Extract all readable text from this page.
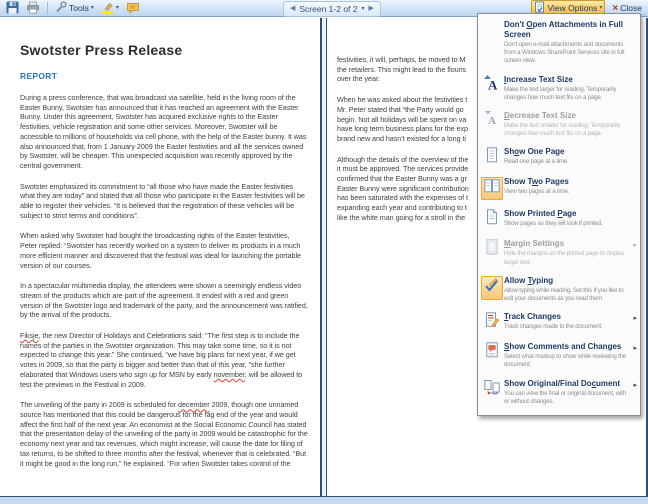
Tools ▾	▾	◀ Screen 1-2 of 2 ▾ ▶	View Options ▾ × Close
Swotster Press Release
REPORT

During a press conference, that was broadcast via satellite, held in the living room of the Easter Bunny, Swotster has announced that it has reached an agreement with the Easter Bunny. Under this agreement, Swotster has acquired exclusive rights to the Easter festivities, vehicle registration and some other services. Moreover, Swotster will be accessible to millions of households via cell phone, with the help of the Easter bunny. It was also announced that, from 1 January 2009 the Easter festivities and all the services owned by Swotster, will be cheaper. This unexpected acquisition was recently approved by the central government.

Swotster emphasized its commitment to “all those who have made the Easter festivities what they are today” and stated that all those who participate in the Easter festivities will be able to register their vehicles. “It is believed that the registration of these vehicles will be subject to strict terms and conditions”.

When asked why Swotster had bought the broadcasting rights of the Easter festivities, Peter replied: “Swotster has recently worked on a system to deliver its products in a much more efficient manner and discovered that the festival was ideal for launching the portable version of our courses.

In a spectacular multimedia display, the attendees were shown a seemingly endless video stream of the products which are part of the agreement. It ended with a red and green version of the Swotster logo and trademark of the party, and the announcement was ratified, by the arrival of the products.

Fiksje, the new Director of Holidays and Celebrations said: “The first step is to include the names of the parties in the Swotster organization. This may take some time, so it is not expected to change this year.” She continued, “we have big plans for next year, if we get votes in 2009, so that the party is bigger and better than that of this year, ”she further elaborated that Windows users who sign up for MSN by early november, will be allowed to test the previews in the Festival in 2009.

The unveiling of the party in 2009 is scheduled for december 2009, though one unnamed source has mentioned that this could be dangerous for the fag end of the year and would affect the first half of the next year. An economist at the Social Economic Council has stated that the presentation delay of the unveiling of the party in 2009 would be catastrophic for the economy next year and tax revenues, which might increase, will cause the date for filing of tax returns, to be shifted to three months after the festival, whenever that is celebrated. “But it might be good in the long run,” he explained. “For when Swotster takes control of the

festivities, it will, perhaps, be moved to M
the retailers. This might lead to the flouris
over the year.
When he was asked about the festivities t
Mr. Peter stated that “the Party would go
begin. Not all holidays will be spent on va
have long term business plans for the exp
brand new and hasn’t existed for a long ti
Although the details of the overview of the
it must be approved. The services provide
confirmed that the Easter Bunny was a gr
Easter Bunny were significant contribution
has been saturated with the expenses of t
expanding each year and contributing to t
like the white man going for a stroll in the
Don't Open Attachments in Full Screen
Don't open e-mail attachments and documents from a Windows SharePoint Services site in full screen view.
A Increase Text Size
Make the text larger for reading. Temporarily changes how much text fits on a page.
A Decrease Text Size
Make the text smaller for reading. Temporarily changes how much text fits on a page.
Show One Page
Read one page at a time.
Show Two Pages
View two pages at a time.
Show Printed Page
Show pages as they will look if printed.
Margin Settings
Hide the margins on the printed page to display larger text.
▸
Allow Typing
Allow typing while reading. Set this if you like to edit your documents as you read them.
Track Changes
Track changes made to the document.
▸
Show Comments and Changes
Select what markup to show while reviewing the document.
▸
Show Original/Final Document
You can view the final or original document, with or without changes.
▸
